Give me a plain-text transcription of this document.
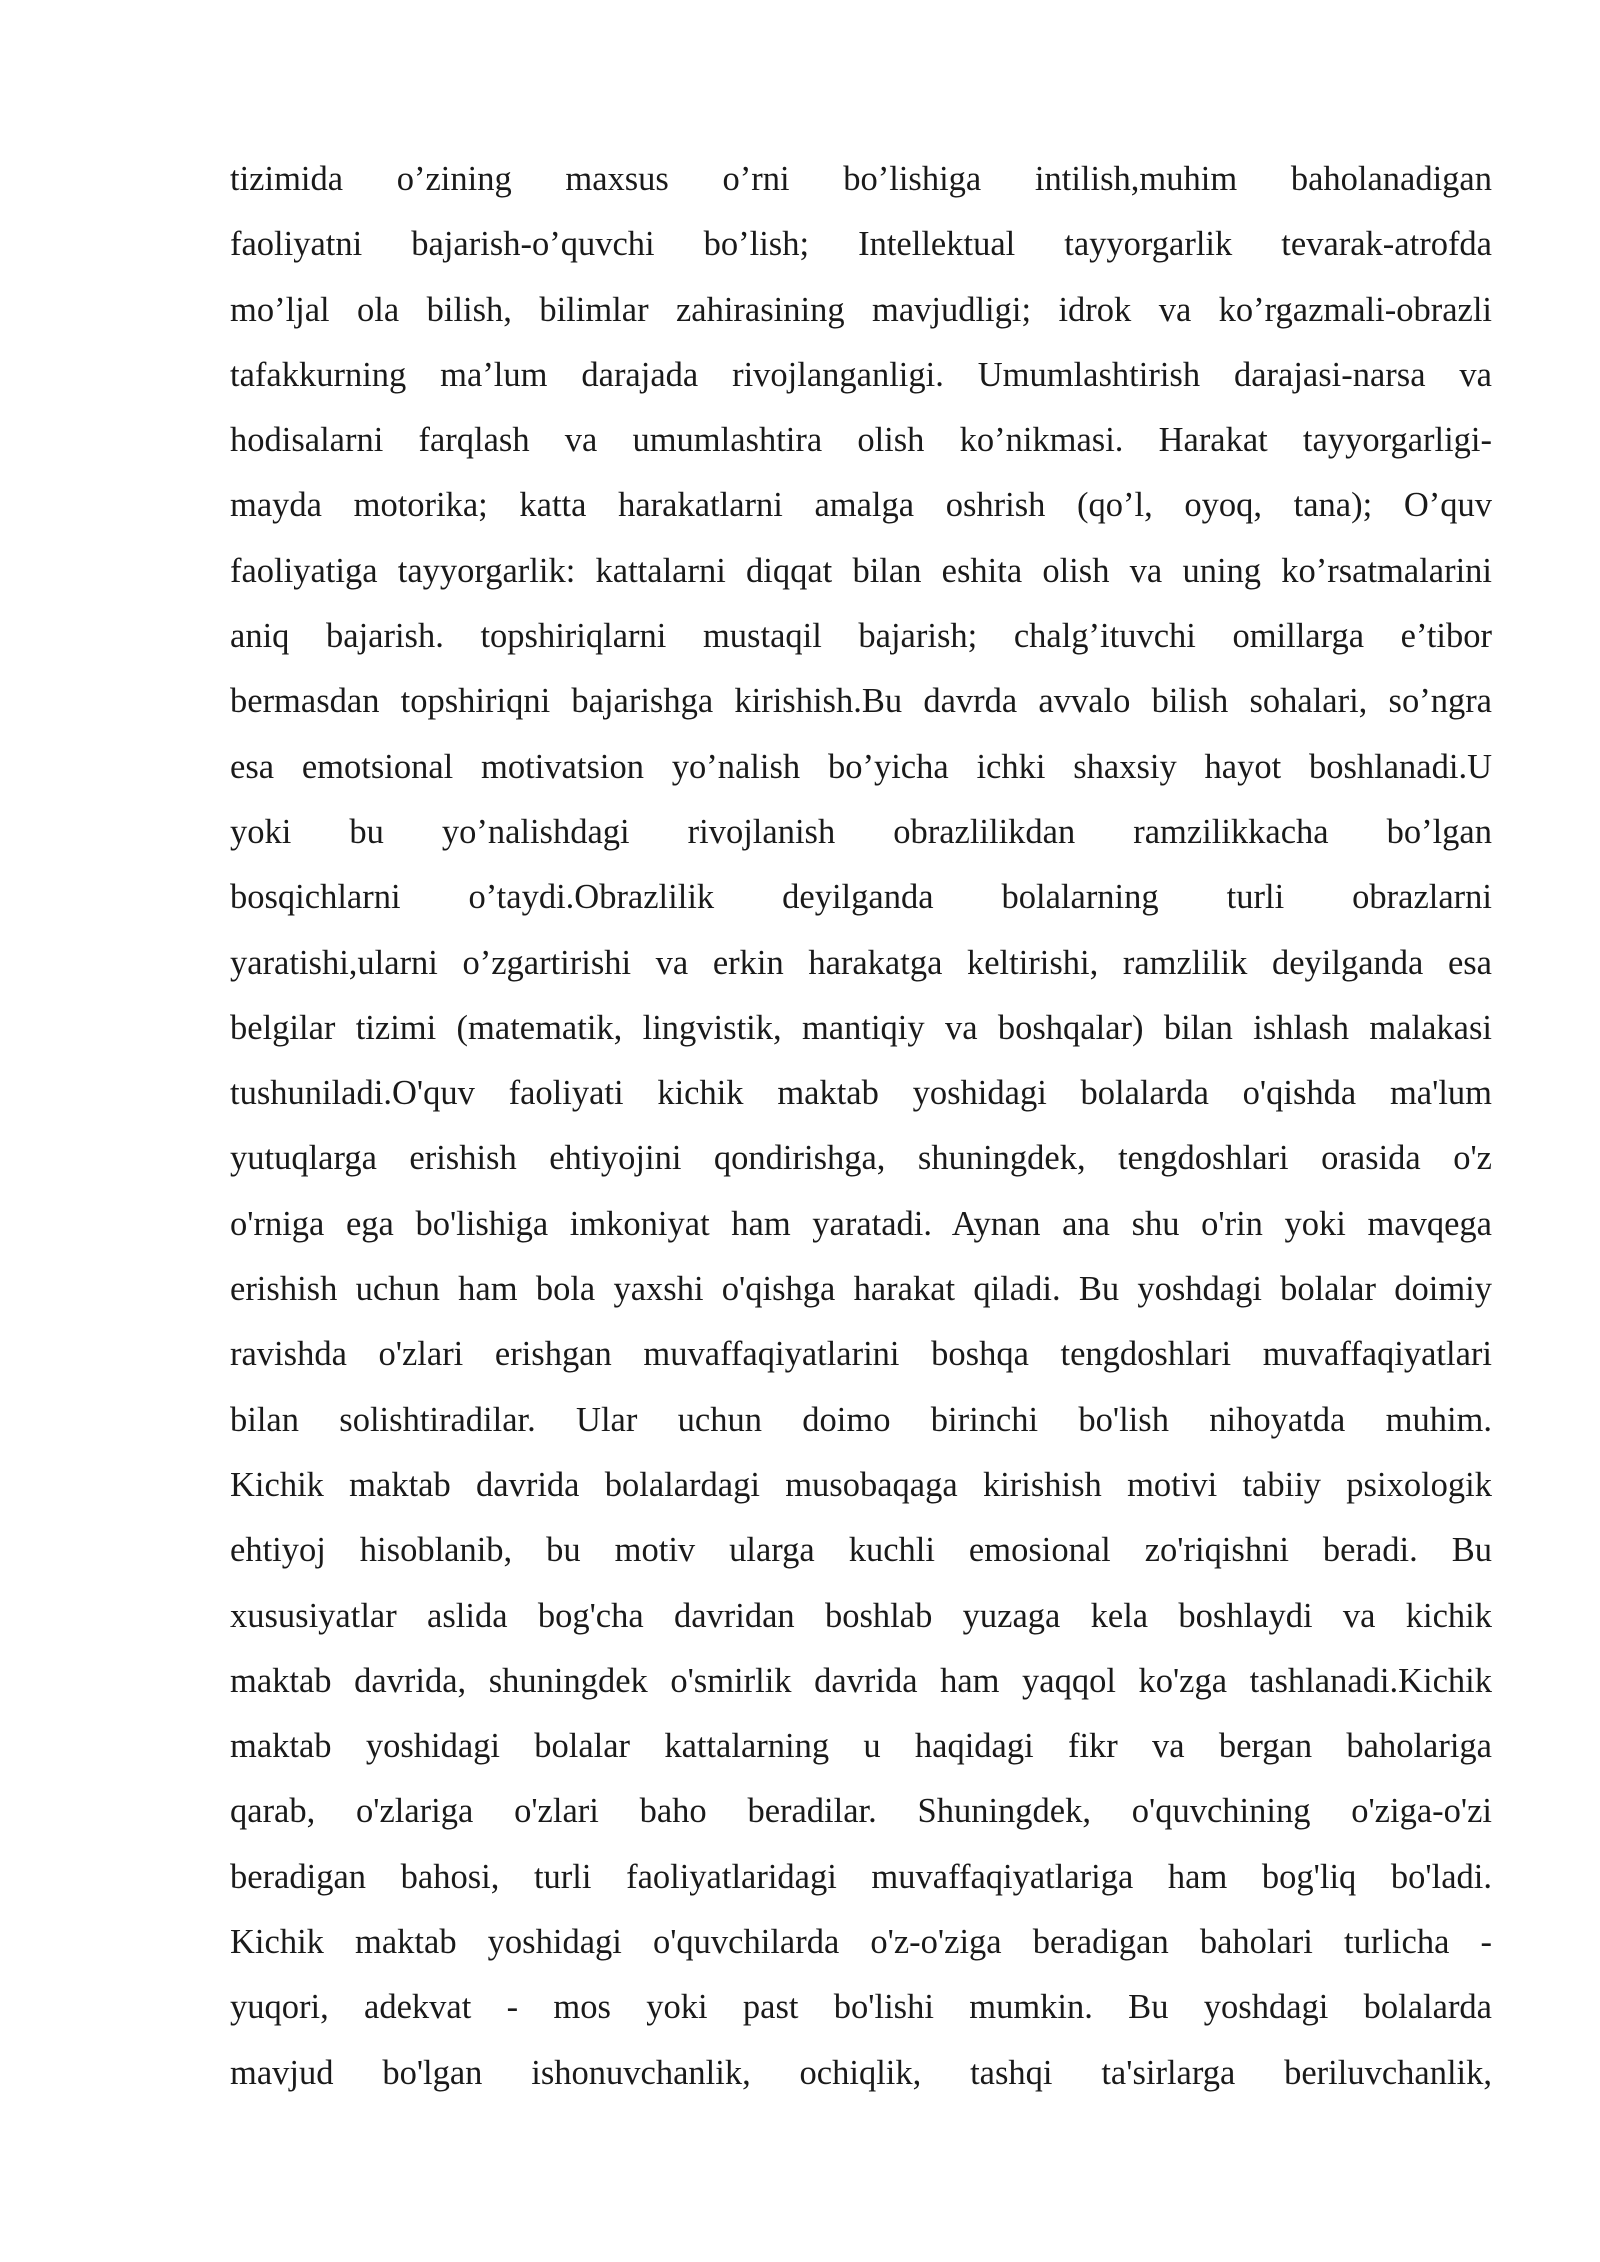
tizimida o’zining maxsus o’rni bo’lishiga intilish,muhim baholanadigan
faoliyatni bajarish-o’quvchi bo’lish; Intellektual tayyorgarlik tevarak-atrofda
mo’ljal ola bilish, bilimlar zahirasining mavjudligi; idrok va ko’rgazmali-obrazli
tafakkurning ma’lum darajada rivojlanganligi. Umumlashtirish darajasi-narsa va
hodisalarni farqlash va umumlashtira olish ko’nikmasi. Harakat tayyorgarligi-
mayda motorika; katta harakatlarni amalga oshrish (qo’l, oyoq, tana); O’quv
faoliyatiga tayyorgarlik: kattalarni diqqat bilan eshita olish va uning ko’rsatmalarini
aniq bajarish. topshiriqlarni mustaqil bajarish; chalg’ituvchi omillarga e’tibor
bermasdan topshiriqni bajarishga kirishish.Bu davrda avvalo bilish sohalari, so’ngra
esa emotsional motivatsion yo’nalish bo’yicha ichki shaxsiy hayot boshlanadi.U
yoki bu yo’nalishdagi rivojlanish obrazlilikdan ramzilikkacha bo’lgan
bosqichlarni o’taydi.Obrazlilik deyilganda bolalarning turli obrazlarni
yaratishi,ularni o’zgartirishi va erkin harakatga keltirishi, ramzlilik deyilganda esa
belgilar tizimi (matematik, lingvistik, mantiqiy va boshqalar) bilan ishlash malakasi
tushuniladi.O'quv faoliyati kichik maktab yoshidagi bolalarda o'qishda ma'lum
yutuqlarga erishish ehtiyojini qondirishga, shuningdek, tengdoshlari orasida o'z
o'rniga ega bo'lishiga imkoniyat ham yaratadi. Aynan ana shu o'rin yoki mavqega
erishish uchun ham bola yaxshi o'qishga harakat qiladi. Bu yoshdagi bolalar doimiy
ravishda o'zlari erishgan muvaffaqiyatlarini boshqa tengdoshlari muvaffaqiyatlari
bilan solishtiradilar. Ular uchun doimo birinchi bo'lish nihoyatda muhim.
Kichik maktab davrida bolalardagi musobaqaga kirishish motivi tabiiy psixologik
ehtiyoj hisoblanib, bu motiv ularga kuchli emosional zo'riqishni beradi. Bu
xususiyatlar aslida bog'cha davridan boshlab yuzaga kela boshlaydi va kichik
maktab davrida, shuningdek o'smirlik davrida ham yaqqol ko'zga tashlanadi.Kichik
maktab yoshidagi bolalar kattalarning u haqidagi fikr va bergan baholariga
qarab, o'zlariga o'zlari baho beradilar. Shuningdek, o'quvchining o'ziga-o'zi
beradigan bahosi, turli faoliyatlaridagi muvaffaqiyatlariga ham bog'liq bo'ladi.
Kichik maktab yoshidagi o'quvchilarda o'z-o'ziga beradigan baholari turlicha -
yuqori, adekvat - mos yoki past bo'lishi mumkin. Bu yoshdagi bolalarda
mavjud bo'lgan ishonuvchanlik, ochiqlik, tashqi ta'sirlarga beriluvchanlik,
